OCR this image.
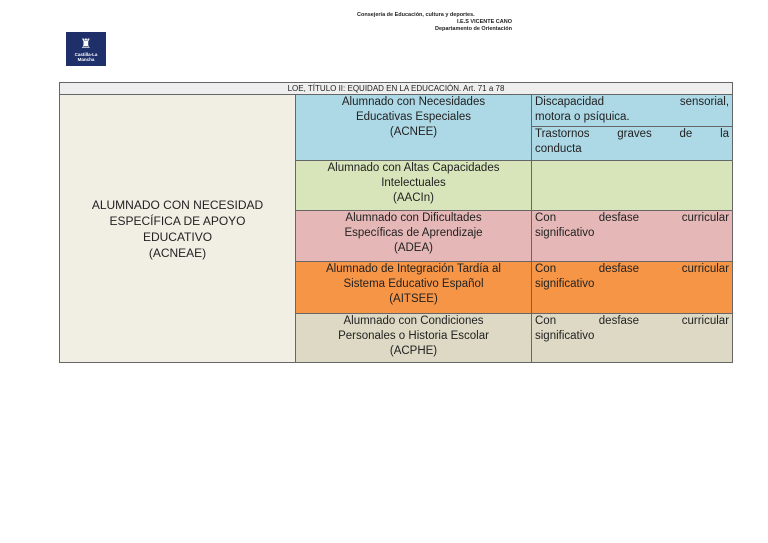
Consejería de Educación, cultura y deportes.
I.E.S VICENTE CANO
Departamento de Orientación
♜
Castilla-La Mancha
LOE, TÍTULO II: EQUIDAD EN LA EDUCACIÓN. Art. 71 a 78		
ALUMNADO CON NECESIDAD
ESPECÍFICA DE APOYO
EDUCATIVO
(ACNEAE)	Alumnado con Necesidades
Educativas Especiales
(ACNEE)	Discapacidad sensorial,
motora o psíquica.

		Trastornos graves de la
conducta

	Alumnado con Altas Capacidades
Intelectuales
(AACIn)	
	Alumnado con Dificultades
Específicas de Aprendizaje
(ADEA)	Con desfase curricular
significativo

	Alumnado de Integración Tardía al
Sistema Educativo Español
(AITSEE)	Con desfase curricular
significativo

	Alumnado con Condiciones
Personales o Historia Escolar
(ACPHE)	Con desfase curricular
significativo
